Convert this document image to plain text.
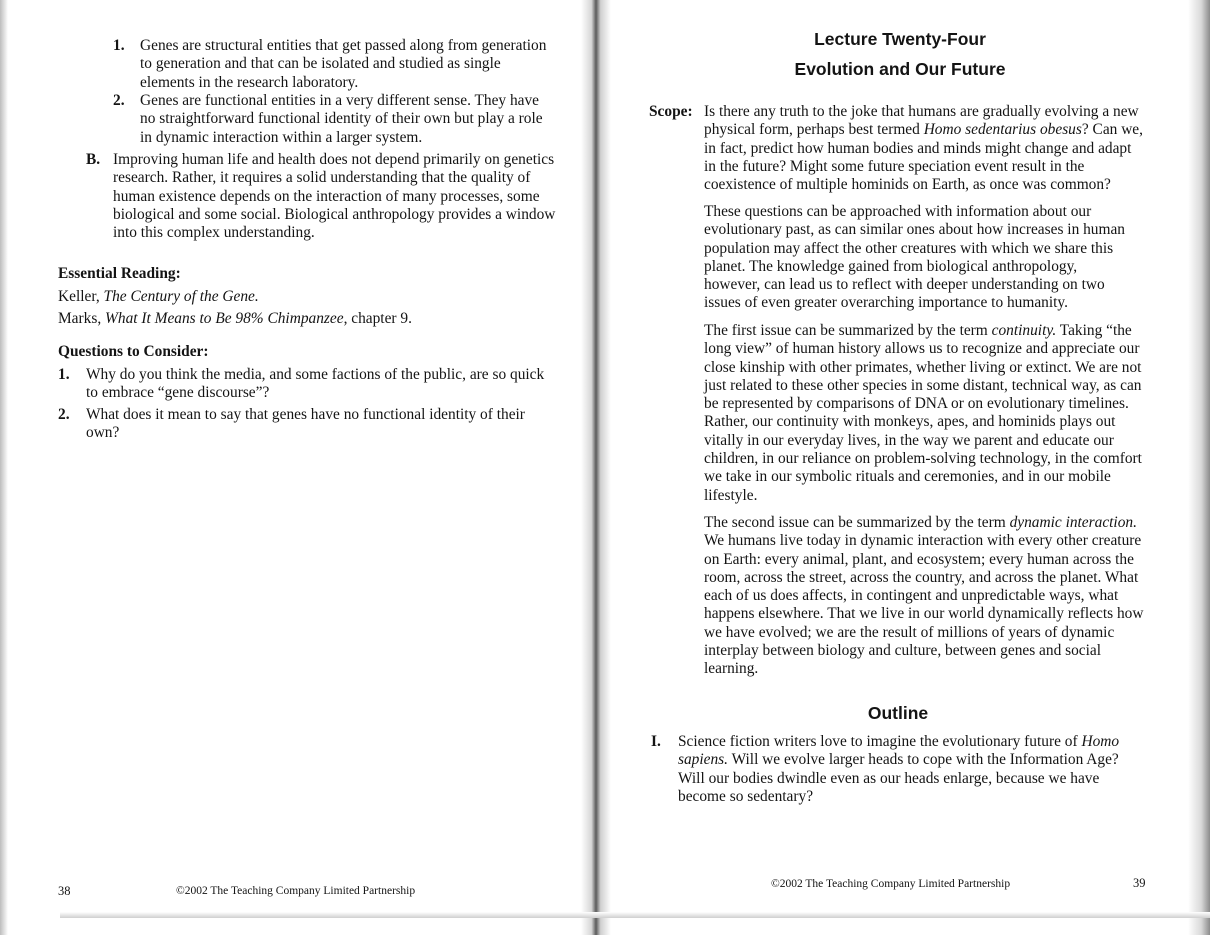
1. Genes are structural entities that get passed along from generation to generation and that can be isolated and studied as single elements in the research laboratory.
2. Genes are functional entities in a very different sense. They have no straightforward functional identity of their own but play a role in dynamic interaction within a larger system.
B. Improving human life and health does not depend primarily on genetics research. Rather, it requires a solid understanding that the quality of human existence depends on the interaction of many processes, some biological and some social. Biological anthropology provides a window into this complex understanding.
Essential Reading:
Keller, The Century of the Gene.
Marks, What It Means to Be 98% Chimpanzee, chapter 9.
Questions to Consider:
1. Why do you think the media, and some factions of the public, are so quick to embrace “gene discourse”?
2. What does it mean to say that genes have no functional identity of their own?
38	©2002 The Teaching Company Limited Partnership
Lecture Twenty-Four
Evolution and Our Future
Scope: Is there any truth to the joke that humans are gradually evolving a new physical form, perhaps best termed Homo sedentarius obesus? Can we, in fact, predict how human bodies and minds might change and adapt in the future? Might some future speciation event result in the coexistence of multiple hominids on Earth, as once was common?
These questions can be approached with information about our evolutionary past, as can similar ones about how increases in human population may affect the other creatures with which we share this planet. The knowledge gained from biological anthropology, however, can lead us to reflect with deeper understanding on two issues of even greater overarching importance to humanity.
The first issue can be summarized by the term continuity. Taking “the long view” of human history allows us to recognize and appreciate our close kinship with other primates, whether living or extinct. We are not just related to these other species in some distant, technical way, as can be represented by comparisons of DNA or on evolutionary timelines. Rather, our continuity with monkeys, apes, and hominids plays out vitally in our everyday lives, in the way we parent and educate our children, in our reliance on problem-solving technology, in the comfort we take in our symbolic rituals and ceremonies, and in our mobile lifestyle.
The second issue can be summarized by the term dynamic interaction. We humans live today in dynamic interaction with every other creature on Earth: every animal, plant, and ecosystem; every human across the room, across the street, across the country, and across the planet. What each of us does affects, in contingent and unpredictable ways, what happens elsewhere. That we live in our world dynamically reflects how we have evolved; we are the result of millions of years of dynamic interplay between biology and culture, between genes and social learning.
Outline
I. Science fiction writers love to imagine the evolutionary future of Homo sapiens. Will we evolve larger heads to cope with the Information Age? Will our bodies dwindle even as our heads enlarge, because we have become so sedentary?
©2002 The Teaching Company Limited Partnership	39
